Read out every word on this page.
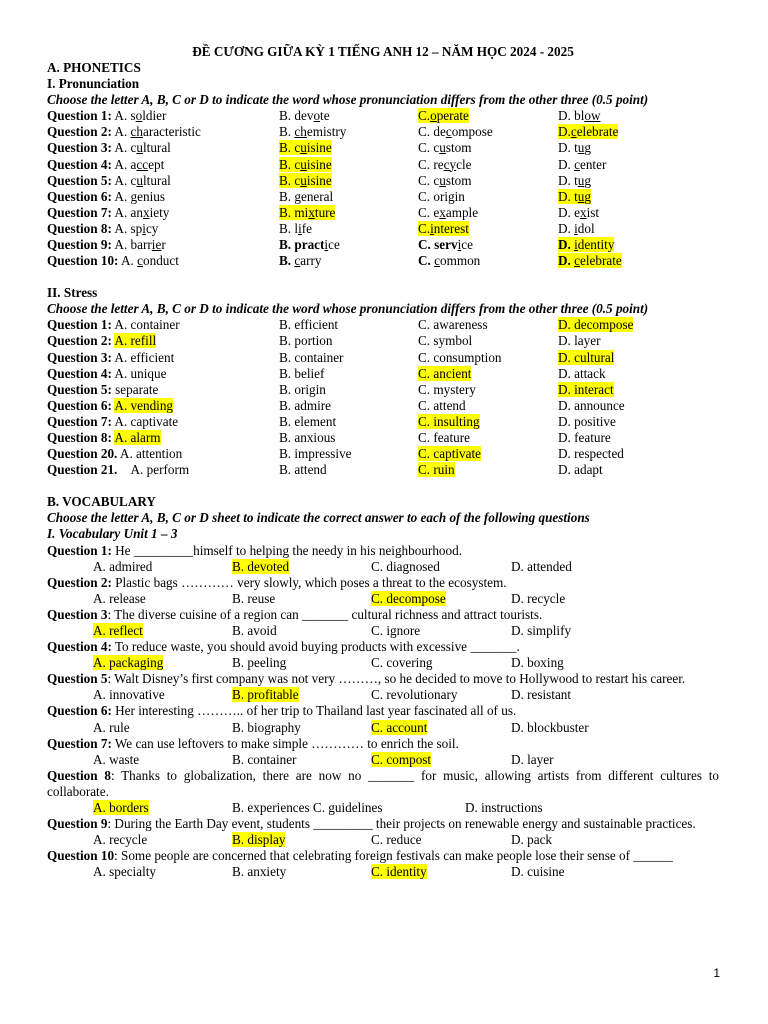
ĐỀ CƯƠNG GIỮA KỲ 1 TIẾNG ANH 12 – NĂM HỌC 2024 - 2025
A. PHONETICS
I. Pronunciation
Choose the letter A, B, C or D to indicate the word whose pronunciation differs from the other three (0.5 point)
Question 1: A. soldier	B. devote	C.operate	D. blow
Question 2: A. characteristic	B. chemistry	C. decompose	D.celebrate
Question 3: A. cultural	B. cuisine	C. custom	D. tug
Question 4: A. accept	B. cuisine	C. recycle	D. center
Question 5: A. cultural	B. cuisine	C. custom	D. tug
Question 6: A. genius	B. general	C. origin	D. tug
Question 7: A. anxiety	B. mixture	C. example	D. exist
Question 8: A. spicy	B. life	C.interest	D. idol
Question 9: A. barrier	B. practice	C. service	D. identity
Question 10: A. conduct	B. carry	C. common	D. celebrate
II. Stress
Choose the letter A, B, C or D to indicate the word whose pronunciation differs from the other three (0.5 point)
Question 1: A. container	B. efficient	C. awareness	D. decompose
Question 2: A. refill	B. portion	C. symbol	D. layer
Question 3: A. efficient	B. container	C. consumption	D. cultural
Question 4: A. unique	B. belief	C. ancient	D. attack
Question 5: separate	B. origin	C. mystery	D. interact
Question 6: A. vending	B. admire	C. attend	D. announce
Question 7: A. captivate	B. element	C. insulting	D. positive
Question 8: A. alarm	B. anxious	C. feature	D. feature
Question 20. A. attention	B. impressive	C. captivate	D. respected
Question 21. A. perform	B. attend	C. ruin	D. adapt
B. VOCABULARY
Choose the letter A, B, C or D sheet to indicate the correct answer to each of the following questions
I. Vocabulary Unit 1 – 3
Question 1: He _________himself to helping the needy in his neighbourhood.
A. admired	B. devoted	C. diagnosed	D. attended
Question 2: Plastic bags ………… very slowly, which poses a threat to the ecosystem.
A. release	B. reuse	C. decompose	D. recycle
Question 3: The diverse cuisine of a region can _______ cultural richness and attract tourists.
A. reflect	B. avoid	C. ignore	D. simplify
Question 4: To reduce waste, you should avoid buying products with excessive _______.
A. packaging	B. peeling	C. covering	D. boxing
Question 5: Walt Disney’s first company was not very ………, so he decided to move to Hollywood to restart his career.
A. innovative	B. profitable	C. revolutionary	D. resistant
Question 6: Her interesting ……….. of her trip to Thailand last year fascinated all of us.
A. rule	B. biography	C. account	D. blockbuster
Question 7: We can use leftovers to make simple ………… to enrich the soil.
A. waste	B. container	C. compost	D. layer
Question 8: Thanks to globalization, there are now no _______ for music, allowing artists from different cultures to collaborate.
A. borders	B. experiences C. guidelines	D. instructions
Question 9: During the Earth Day event, students _________ their projects on renewable energy and sustainable practices.
A. recycle	B. display	C. reduce	D. pack
Question 10: Some people are concerned that celebrating foreign festivals can make people lose their sense of ______
A. specialty	B. anxiety	C. identity	D. cuisine
1
